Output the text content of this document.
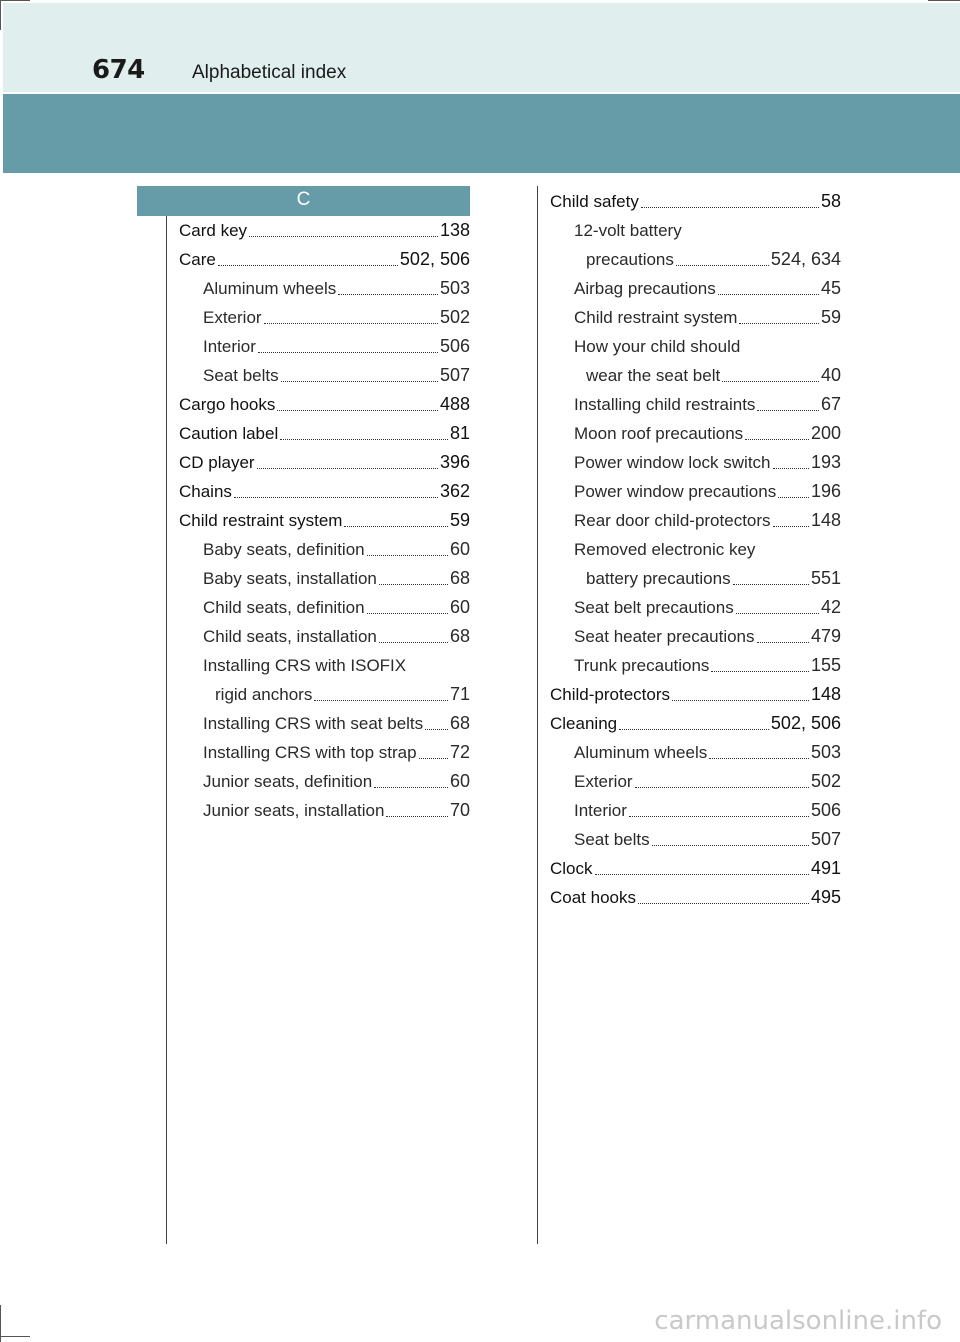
674 Alphabetical index
C
Card key	138
Care	502, 506
Aluminum wheels	503
Exterior	502
Interior	506
Seat belts	507
Cargo hooks	488
Caution label	81
CD player	396
Chains	362
Child restraint system	59
Baby seats, definition	60
Baby seats, installation	68
Child seats, definition	60
Child seats, installation	68
Installing CRS with ISOFIX
rigid anchors	71
Installing CRS with seat belts 68
Installing CRS with top strap 72
Junior seats, definition	60
Junior seats, installation	70
Child safety	58
12-volt battery
precautions	524, 634
Airbag precautions	45
Child restraint system	59
How your child should
wear the seat belt	40
Installing child restraints	67
Moon roof precautions	200
Power window lock switch 193
Power window precautions 196
Rear door child-protectors 148
Removed electronic key
battery precautions	551
Seat belt precautions	42
Seat heater precautions	479
Trunk precautions	155
Child-protectors	148
Cleaning	502, 506
Aluminum wheels	503
Exterior	502
Interior	506
Seat belts	507
Clock	491
Coat hooks	495
carmanualsonline.info
